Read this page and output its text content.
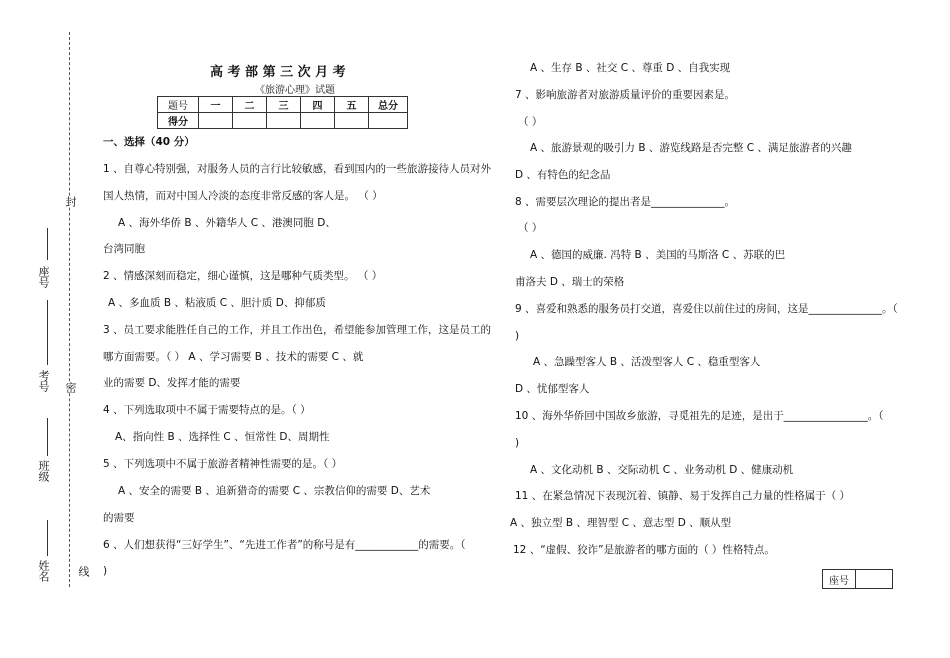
封
密
线
座号
考号
班级
姓名
高 考 部 第 三 次 月 考
《旅游心理》试题
题号	一	二	三	四	五	总分
得分						
一、选择（40 分）
1 、自尊心特别强，对服务人员的言行比较敏感，看到国内的一些旅游接待人员对外
国人热情，而对中国人冷淡的态度非常反感的客人是。 （ ）
A 、海外华侨 B 、外籍华人 C 、港澳同胞 D、
台湾同胞
2 、情感深刻而稳定，细心谨慎，这是哪种气质类型。 （ ）
A 、多血质 B 、粘液质 C 、胆汁质 D、抑郁质
3 、员工要求能胜任自己的工作，并且工作出色，希望能参加管理工作，这是员工的
哪方面需要。（ ） A 、学习需要 B 、技术的需要 C 、就
业的需要 D、发挥才能的需要
4 、下列选取项中不属于需要特点的是。（ ）
A、指向性 B 、选择性 C 、恒常性 D、周期性
5 、下列选项中不属于旅游者精神性需要的是。（ ）
A 、安全的需要 B 、追新猎奇的需要 C 、宗教信仰的需要 D、艺术
的需要
6 、人们想获得“三好学生”、“先进工作者”的称号是有____________的需要。（
)
A 、生存 B 、社交 C 、尊重 D 、自我实现
7 、影响旅游者对旅游质量评价的重要因素是。
（ ）
A 、旅游景观的吸引力 B 、游览线路是否完整 C 、满足旅游者的兴趣
D 、有特色的纪念品
8 、需要层次理论的提出者是______________。
（ ）
A 、德国的威廉. 冯特 B 、美国的马斯洛 C 、苏联的巴
甫洛夫 D 、瑞士的荣格
9 、喜爱和熟悉的服务员打交道，喜爱住以前住过的房间，这是______________。（
)
A 、急躁型客人 B 、活泼型客人 C 、稳重型客人
D 、忧郁型客人
10 、海外华侨回中国故乡旅游，寻觅祖先的足迹，是出于________________。（
)
A 、文化动机 B 、交际动机 C 、业务动机 D 、健康动机
11 、在紧急情况下表现沉着、镇静、易于发挥自己力量的性格属于（ ）
A 、独立型 B 、理智型 C 、意志型 D 、顺从型
12 、“虚假、狡诈”是旅游者的哪方面的（ ）性格特点。
座号	
